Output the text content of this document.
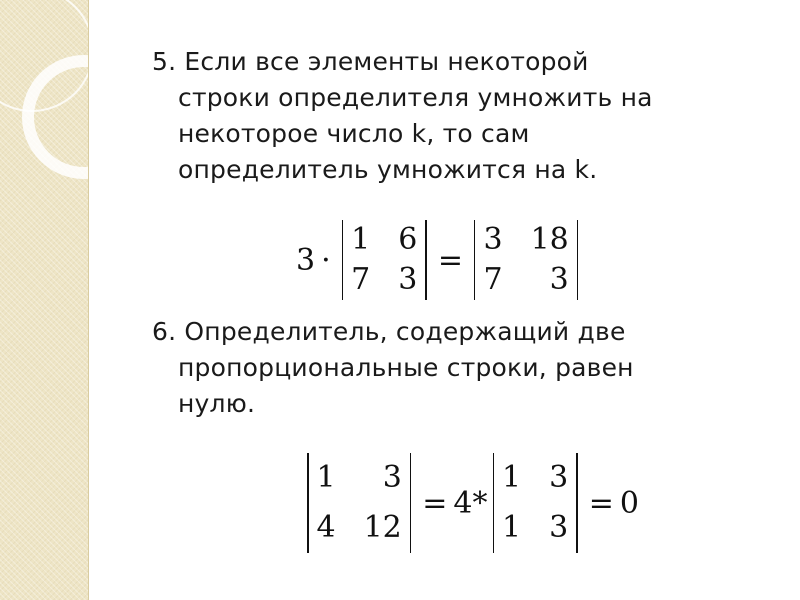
5. Если все элементы некоторой
строки определителя умножить на
некоторое число k, то сам
определитель умножится на k.
3 ·
1 6
7 3
=
3 18
7	3
6. Определитель, содержащий две
пропорциональные строки, равен
нулю.
1	3
4 12
= 4 *
1 3
1 3
= 0
